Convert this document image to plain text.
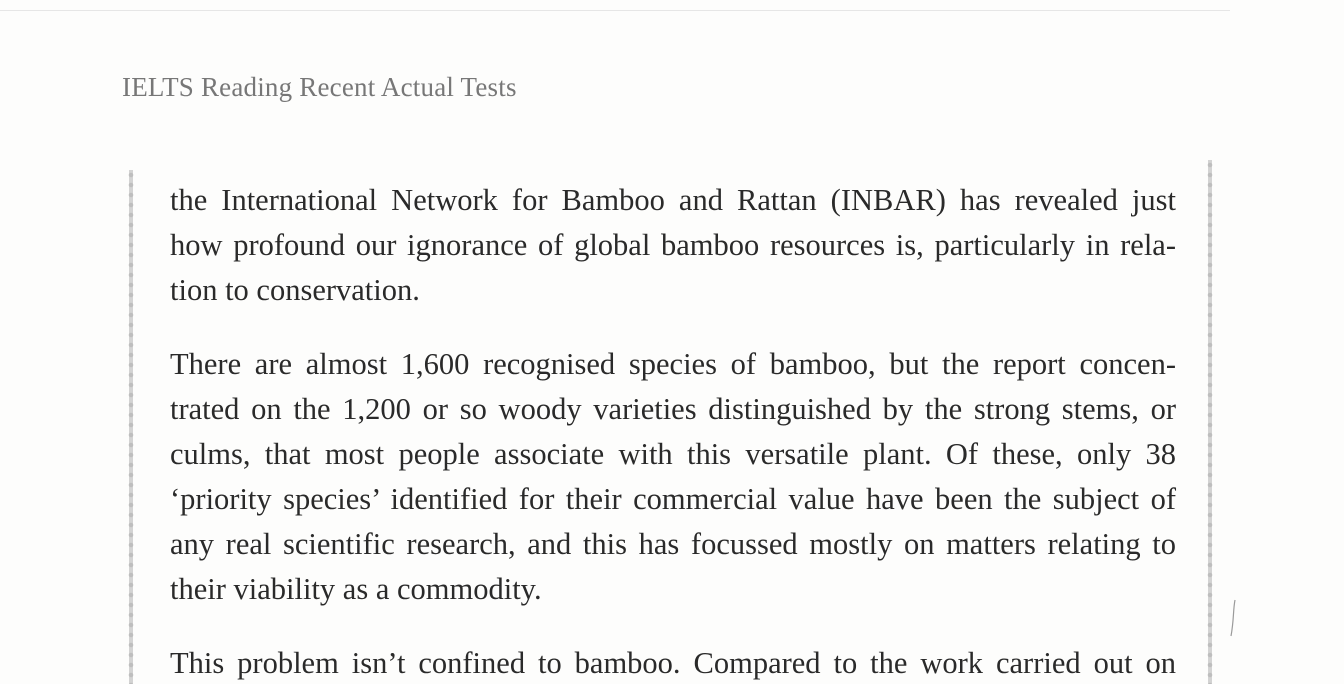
IELTS Reading Recent Actual Tests
the International Network for Bamboo and Rattan (INBAR) has revealed just
how profound our ignorance of global bamboo resources is, particularly in rela-
tion to conservation.
There are almost 1,600 recognised species of bamboo, but the report concen-
trated on the 1,200 or so woody varieties distinguished by the strong stems, or
culms, that most people associate with this versatile plant. Of these, only 38
‘priority species’ identified for their commercial value have been the subject of
any real scientific research, and this has focussed mostly on matters relating to
their viability as a commodity.
This problem isn’t confined to bamboo. Compared to the work carried out on
